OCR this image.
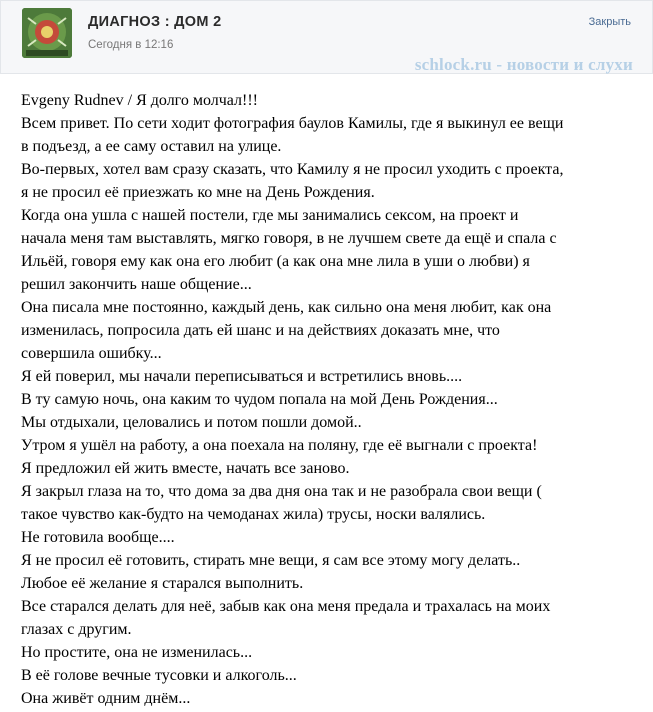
ДИАГНОЗ : ДОМ 2
Сегодня в 12:16
Закрыть
schlock.ru - новости и слухи

Evgeny Rudnev / Я долго молчал!!!

Всем привет. По сети ходит фотография баулов Камилы, где я выкинул ее вещи

в подъезд, а ее саму оставил на улице.

Во-первых, хотел вам сразу сказать, что Камилу я не просил уходить с проекта,

я не просил её приезжать ко мне на День Рождения.

Когда она ушла с нашей постели, где мы занимались сексом, на проект и

начала меня там выставлять, мягко говоря, в не лучшем свете да ещё и спала с

Ильёй, говоря ему как она его любит (а как она мне лила в уши о любви) я

решил закончить наше общение...

Она писала мне постоянно, каждый день, как сильно она меня любит, как она

изменилась, попросила дать ей шанс и на действиях доказать мне, что

совершила ошибку...

Я ей поверил, мы начали переписываться и встретились вновь....

В ту самую ночь, она каким то чудом попала на мой День Рождения...

Мы отдыхали, целовались и потом пошли домой..

Утром я ушёл на работу, а она поехала на поляну, где её выгнали с проекта!

Я предложил ей жить вместе, начать все заново.

Я закрыл глаза на то, что дома за два дня она так и не разобрала свои вещи (

такое чувство как-будто на чемоданах жила) трусы, носки валялись.

Не готовила вообще....

Я не просил её готовить, стирать мне вещи, я сам все этому могу делать..

Любое её желание я старался выполнить.

Все старался делать для неё, забыв как она меня предала и трахалась на моих

глазах с другим.

Но простите, она не изменилась...

В её голове вечные тусовки и алкоголь...

Она живёт одним днём...
